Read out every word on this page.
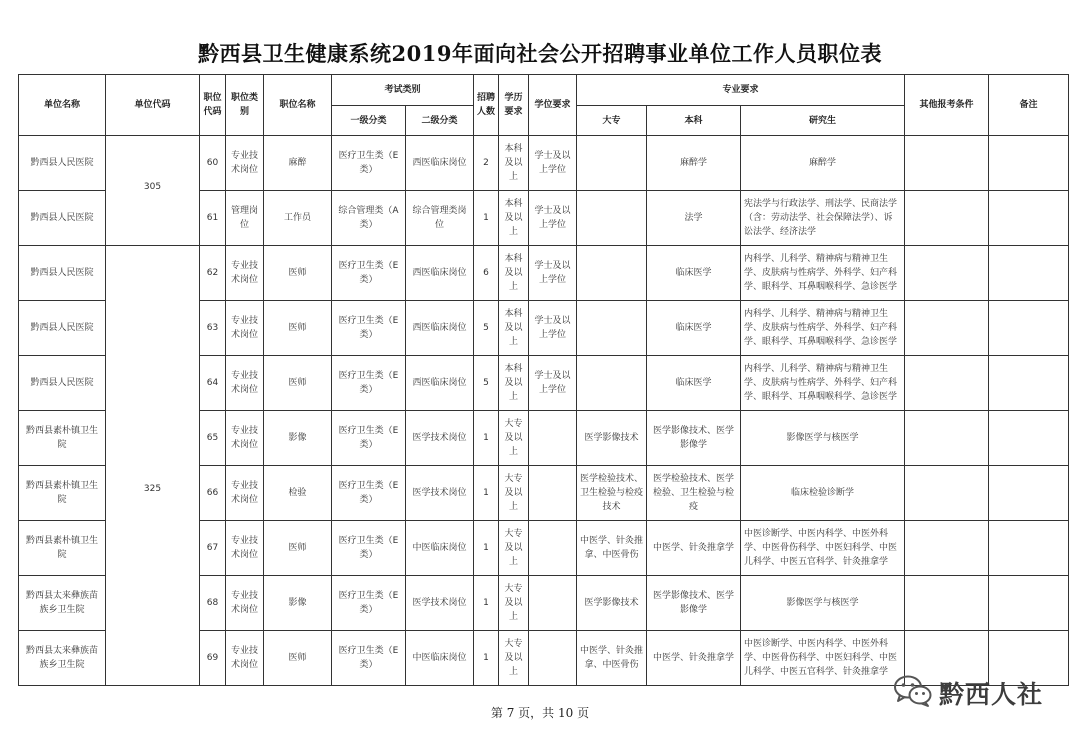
黔西县卫生健康系统2019年面向社会公开招聘事业单位工作人员职位表
单位名称	单位代码	职位代码	职位类别	职位名称	考试类别		招聘人数	学历要求	学位要求	专业要求			其他报考条件	备注
					一级分类	二级分类				大专	本科	研究生		
黔西县人民医院	305	60	专业技术岗位	麻醉	医疗卫生类（E类）	西医临床岗位	2	本科及以上	学士及以上学位		麻醉学	麻醉学		
黔西县人民医院		61	管理岗位	工作员	综合管理类（A类）	综合管理类岗位	1	本科及以上	学士及以上学位		法学	宪法学与行政法学、刑法学、民商法学（含：劳动法学、社会保障法学）、诉讼法学、经济法学		
黔西县人民医院	325	62	专业技术岗位	医师	医疗卫生类（E类）	西医临床岗位	6	本科及以上	学士及以上学位		临床医学	内科学、儿科学、精神病与精神卫生学、皮肤病与性病学、外科学、妇产科学、眼科学、耳鼻咽喉科学、急诊医学		
黔西县人民医院		63	专业技术岗位	医师	医疗卫生类（E类）	西医临床岗位	5	本科及以上	学士及以上学位		临床医学	内科学、儿科学、精神病与精神卫生学、皮肤病与性病学、外科学、妇产科学、眼科学、耳鼻咽喉科学、急诊医学		
黔西县人民医院		64	专业技术岗位	医师	医疗卫生类（E类）	西医临床岗位	5	本科及以上	学士及以上学位		临床医学	内科学、儿科学、精神病与精神卫生学、皮肤病与性病学、外科学、妇产科学、眼科学、耳鼻咽喉科学、急诊医学		
黔西县素朴镇卫生院		65	专业技术岗位	影像	医疗卫生类（E类）	医学技术岗位	1	大专及以上		医学影像技术	医学影像技术、医学影像学	影像医学与核医学		
黔西县素朴镇卫生院		66	专业技术岗位	检验	医疗卫生类（E类）	医学技术岗位	1	大专及以上		医学检验技术、卫生检验与检疫技术	医学检验技术、医学检验、卫生检验与检疫	临床检验诊断学		
黔西县素朴镇卫生院		67	专业技术岗位	医师	医疗卫生类（E类）	中医临床岗位	1	大专及以上		中医学、针灸推拿、中医骨伤	中医学、针灸推拿学	中医诊断学、中医内科学、中医外科学、中医骨伤科学、中医妇科学、中医儿科学、中医五官科学、针灸推拿学		
黔西县太来彝族苗族乡卫生院		68	专业技术岗位	影像	医疗卫生类（E类）	医学技术岗位	1	大专及以上		医学影像技术	医学影像技术、医学影像学	影像医学与核医学		
黔西县太来彝族苗族乡卫生院		69	专业技术岗位	医师	医疗卫生类（E类）	中医临床岗位	1	大专及以上		中医学、针灸推拿、中医骨伤	中医学、针灸推拿学	中医诊断学、中医内科学、中医外科学、中医骨伤科学、中医妇科学、中医儿科学、中医五官科学、针灸推拿学		
第 7 页，共 10 页
黔西人社
